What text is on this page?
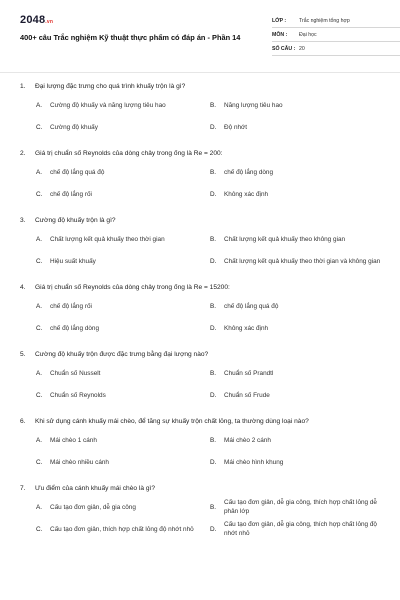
2048.vn
400+ câu Trắc nghiệm Kỹ thuật thực phẩm có đáp án - Phần 14
LỚP :	Trắc nghiệm tổng hợp
MÔN :	Đại học
SỐ CÂU : 20
1.	Đại lượng đặc trưng cho quá trình khuấy trộn là gì?
A.	Cường độ khuấy và năng lượng tiêu hao	B.	Năng lượng tiêu hao
C.	Cường độ khuấy	D.	Độ nhớt
2.	Giá trị chuẩn số Reynolds của dòng chảy trong ống là Re = 200:
A.	chế độ lắng quá độ	B.	chế độ lắng dòng
C.	chế độ lắng rối	D.	Không xác định
3.	Cường độ khuấy trộn là gì?
A.	Chất lượng kết quả khuấy theo thời gian	B.	Chất lượng kết quả khuấy theo không gian
C.	Hiệu suất khuấy	D.	Chất lượng kết quả khuấy theo thời gian và không gian
4.	Giá trị chuẩn số Reynolds của dòng chảy trong ống là Re = 15200:
A.	chế độ lắng rối	B.	chế độ lắng quá độ
C.	chế độ lắng dòng	D.	Không xác định
5.	Cường độ khuấy trộn được đặc trưng bằng đại lượng nào?
A.	Chuẩn số Nusselt	B.	Chuẩn số Prandtl
C.	Chuẩn số Reynolds	D.	Chuẩn số Frude
6.	Khi sử dụng cánh khuấy mái chèo, để tăng sự khuấy trộn chất lỏng, ta thường dùng loại nào?
A.	Mái chèo 1 cánh	B.	Mái chèo 2 cánh
C.	Mái chèo nhiều cánh	D.	Mái chèo hình khung
7.	Ưu điểm của cánh khuấy mái chèo là gì?
A.	Cấu tạo đơn giản, dễ gia công	B.
Cấu tạo đơn giản, dễ gia công, thích hợp chất lỏng dễ phân lớp
C.	Cấu tạo đơn giản, thích hợp chất lỏng độ nhớt nhỏ	D.
Cấu tạo đơn giản, dễ gia công, thích hợp chất lỏng độ nhớt nhỏ
